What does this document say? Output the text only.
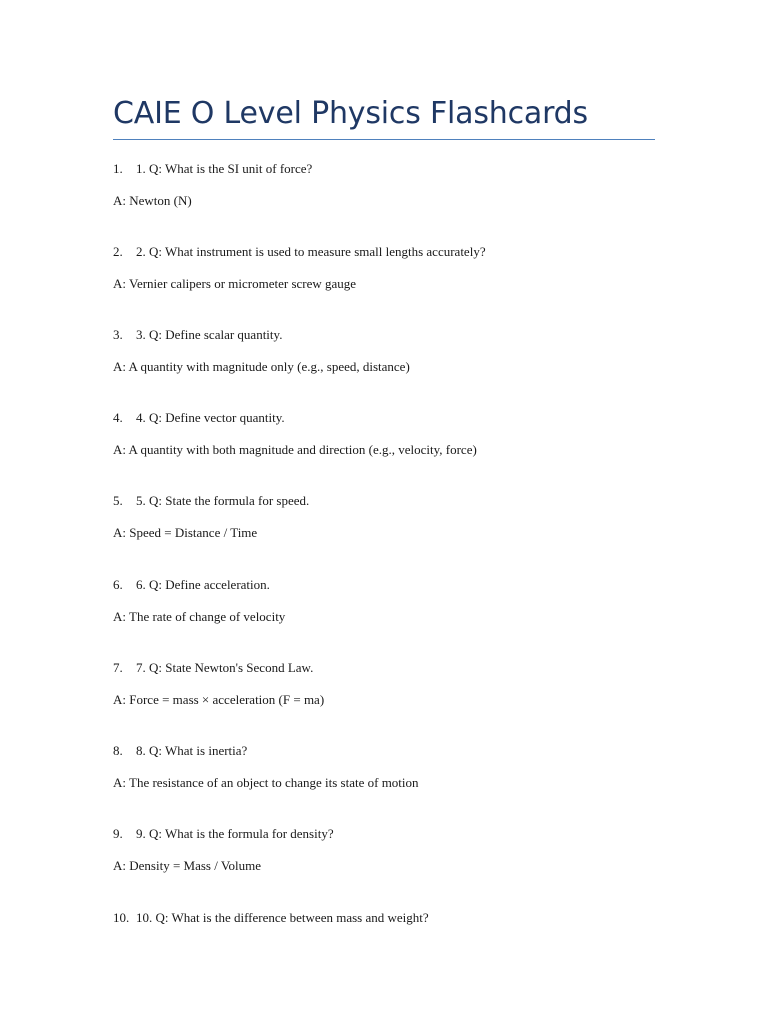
CAIE O Level Physics Flashcards
1. 1. Q: What is the SI unit of force?
A: Newton (N)
2. 2. Q: What instrument is used to measure small lengths accurately?
A: Vernier calipers or micrometer screw gauge
3. 3. Q: Define scalar quantity.
A: A quantity with magnitude only (e.g., speed, distance)
4. 4. Q: Define vector quantity.
A: A quantity with both magnitude and direction (e.g., velocity, force)
5. 5. Q: State the formula for speed.
A: Speed = Distance / Time
6. 6. Q: Define acceleration.
A: The rate of change of velocity
7. 7. Q: State Newton's Second Law.
A: Force = mass × acceleration (F = ma)
8. 8. Q: What is inertia?
A: The resistance of an object to change its state of motion
9. 9. Q: What is the formula for density?
A: Density = Mass / Volume
10. 10. Q: What is the difference between mass and weight?
